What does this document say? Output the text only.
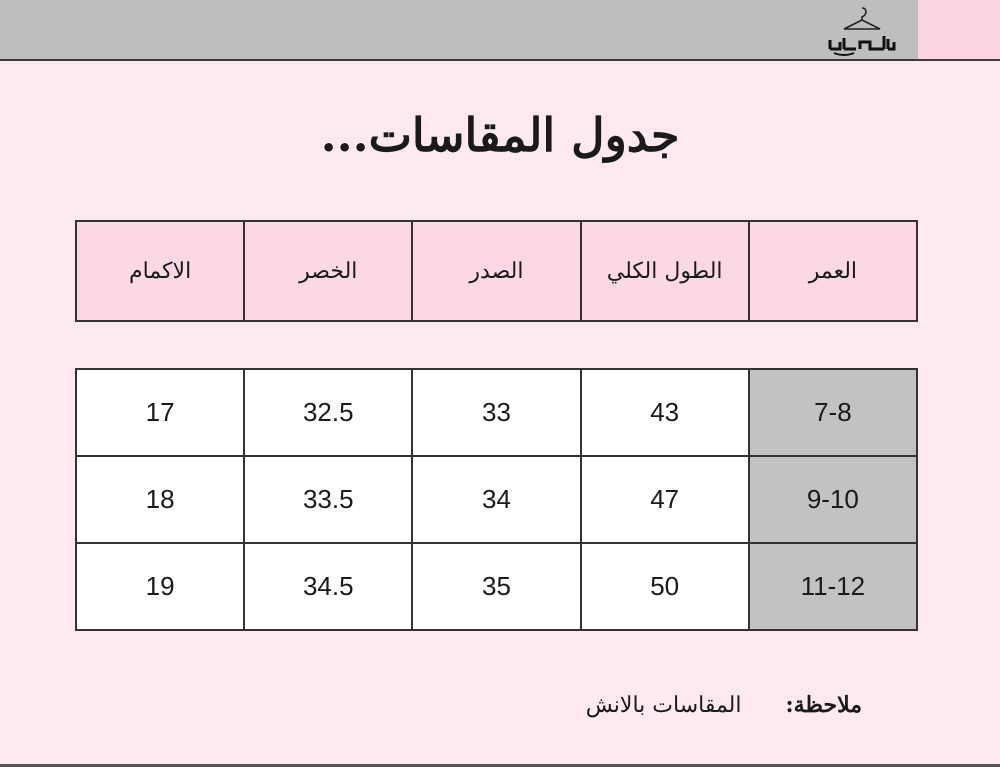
جدول المقاسات...
الاكمام	الخصر	الصدر	الطول الكلي	العمر
17	32.5	33	43	7-8
18	33.5	34	47	9-10
19	34.5	35	50	11-12
ملاحظة:المقاسات بالانش
